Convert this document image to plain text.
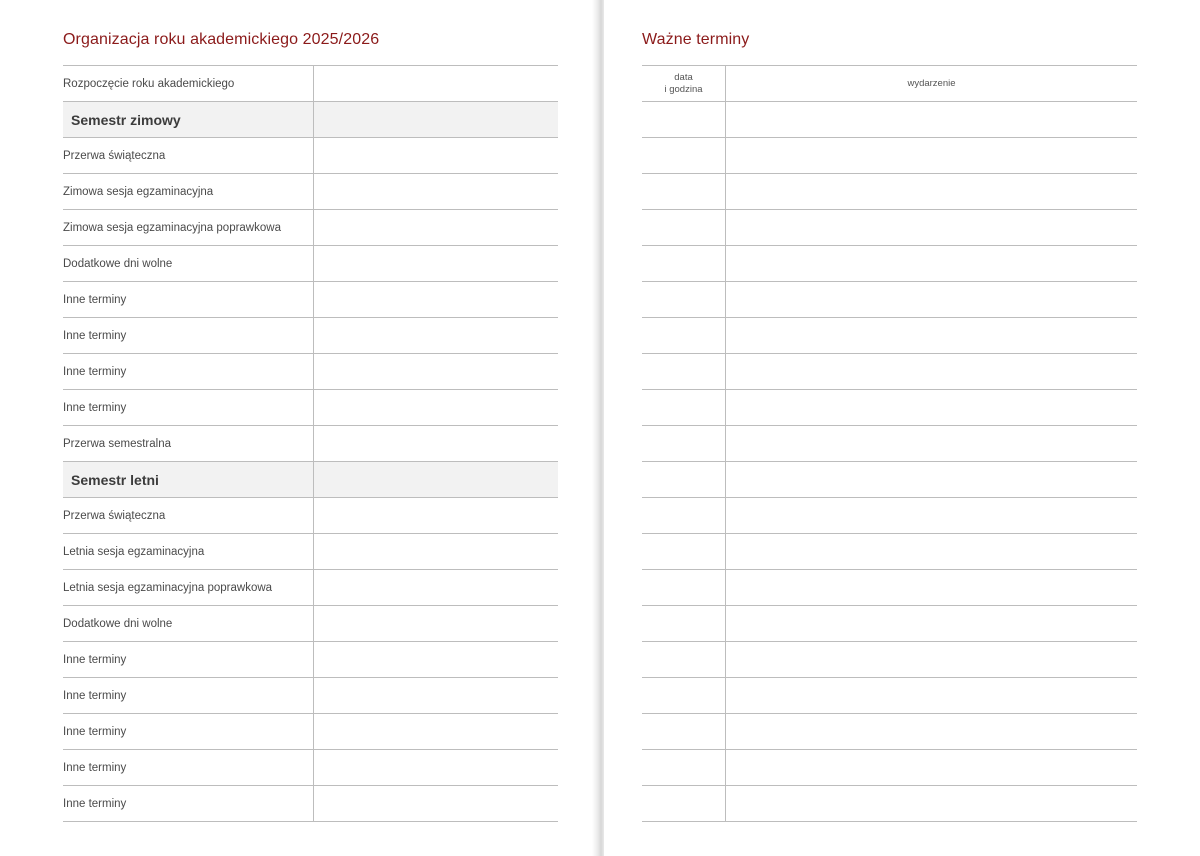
Organizacja roku akademickiego 2025/2026
Rozpoczęcie roku akademickiego	
Semestr zimowy	
Przerwa świąteczna	
Zimowa sesja egzaminacyjna	
Zimowa sesja egzaminacyjna poprawkowa	
Dodatkowe dni wolne	
Inne terminy	
Inne terminy	
Inne terminy	
Inne terminy	
Przerwa semestralna	
Semestr letni	
Przerwa świąteczna	
Letnia sesja egzaminacyjna	
Letnia sesja egzaminacyjna poprawkowa	
Dodatkowe dni wolne	
Inne terminy	
Inne terminy	
Inne terminy	
Inne terminy	
Inne terminy	
Ważne terminy
data
i godzina	wydarzenie
